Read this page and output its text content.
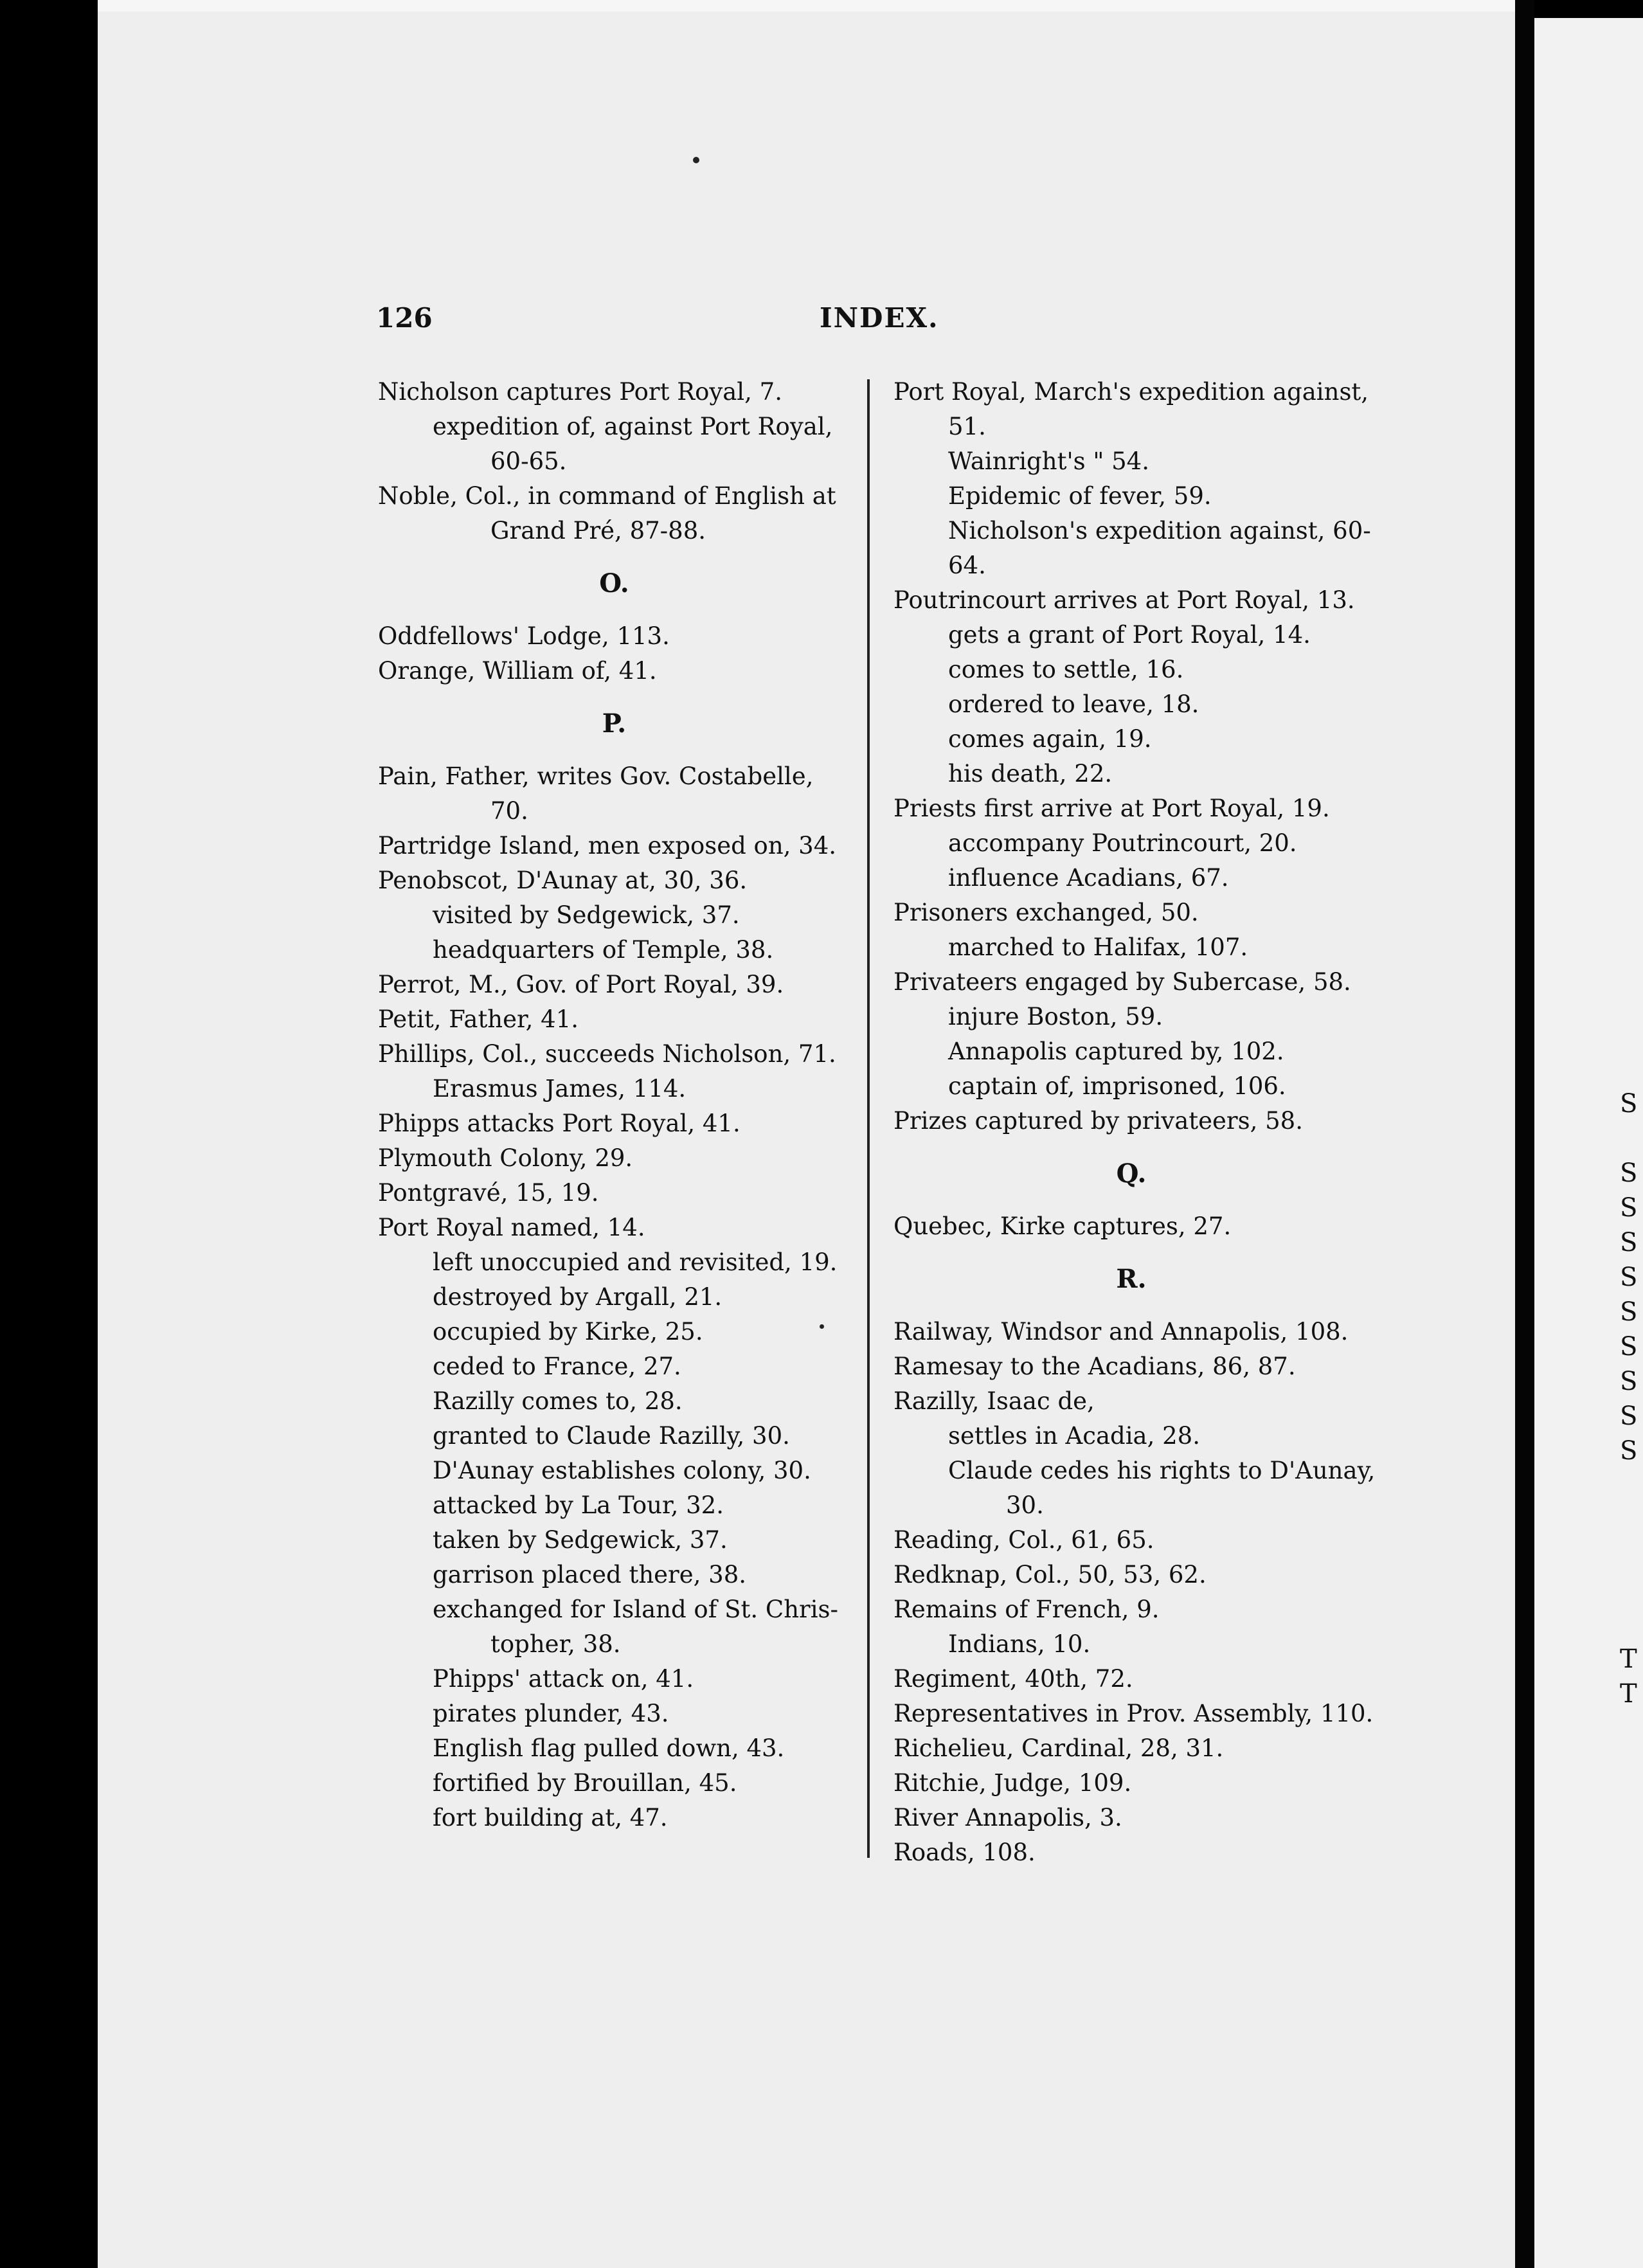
126	INDEX.
Nicholson captures Port Royal, 7.
expedition of, against Port Royal,
60-65.
Noble, Col., in command of English at
Grand Pré, 87-88.
O.
Oddfellows' Lodge, 113.
Orange, William of, 41.
P.
Pain, Father, writes Gov. Costabelle,
70.
Partridge Island, men exposed on, 34.
Penobscot, D'Aunay at, 30, 36.
visited by Sedgewick, 37.
headquarters of Temple, 38.
Perrot, M., Gov. of Port Royal, 39.
Petit, Father, 41.
Phillips, Col., succeeds Nicholson, 71.
Erasmus James, 114.
Phipps attacks Port Royal, 41.
Plymouth Colony, 29.
Pontgravé, 15, 19.
Port Royal named, 14.
left unoccupied and revisited, 19.
destroyed by Argall, 21.
occupied by Kirke, 25.
ceded to France, 27.
Razilly comes to, 28.
granted to Claude Razilly, 30.
D'Aunay establishes colony, 30.
attacked by La Tour, 32.
taken by Sedgewick, 37.
garrison placed there, 38.
exchanged for Island of St. Chris-
topher, 38.
Phipps' attack on, 41.
pirates plunder, 43.
English flag pulled down, 43.
fortified by Brouillan, 45.
fort building at, 47.
Port Royal, March's expedition against,
51.
Wainright's " 54.
Epidemic of fever, 59.
Nicholson's expedition against, 60-
64.
Poutrincourt arrives at Port Royal, 13.
gets a grant of Port Royal, 14.
comes to settle, 16.
ordered to leave, 18.
comes again, 19.
his death, 22.
Priests first arrive at Port Royal, 19.
accompany Poutrincourt, 20.
influence Acadians, 67.
Prisoners exchanged, 50.
marched to Halifax, 107.
Privateers engaged by Subercase, 58.
injure Boston, 59.
Annapolis captured by, 102.
captain of, imprisoned, 106.
Prizes captured by privateers, 58.
Q.
Quebec, Kirke captures, 27.
R.
Railway, Windsor and Annapolis, 108.
Ramesay to the Acadians, 86, 87.
Razilly, Isaac de,
settles in Acadia, 28.
Claude cedes his rights to D'Aunay,
30.
Reading, Col., 61, 65.
Redknap, Col., 50, 53, 62.
Remains of French, 9.
Indians, 10.
Regiment, 40th, 72.
Representatives in Prov. Assembly, 110.
Richelieu, Cardinal, 28, 31.
Ritchie, Judge, 109.
River Annapolis, 3.
Roads, 108.
S
S
S
S
S
S
S
S
S
S
T
T
